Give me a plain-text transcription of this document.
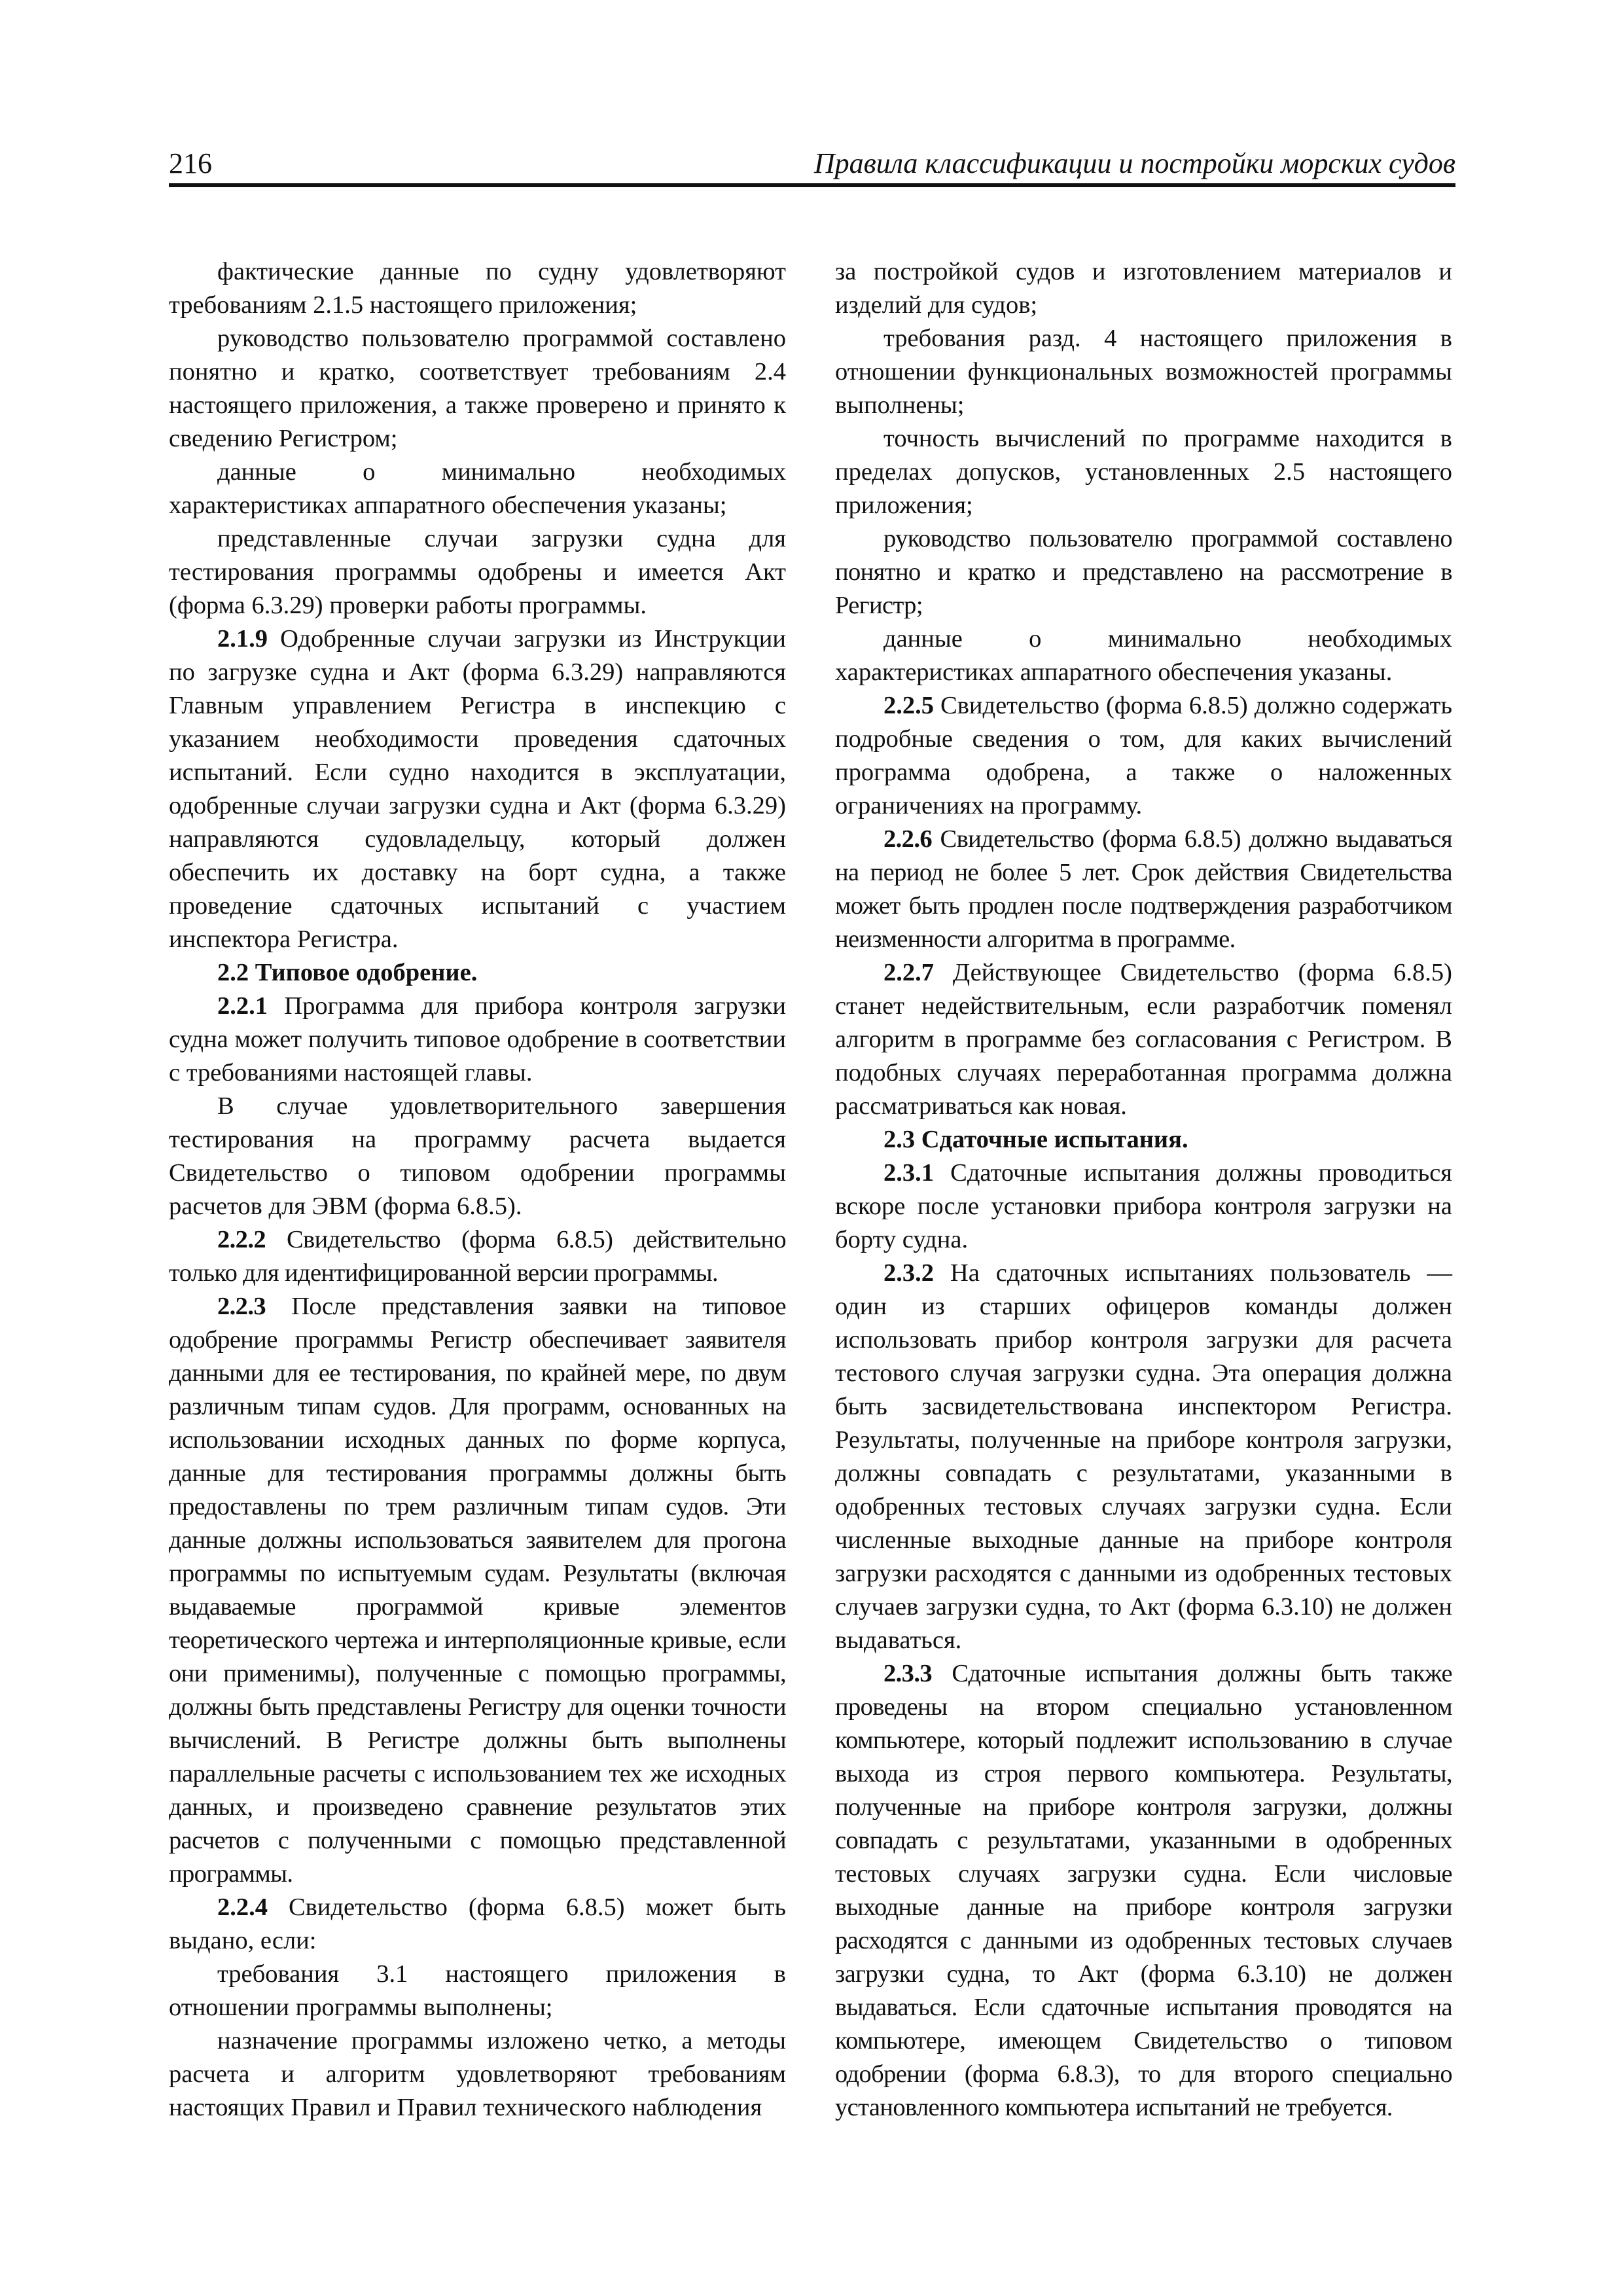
216	Правила классификации и постройки морских судов

фактические данные по судну удовлетворяют требованиям 2.1.5 настоящего приложения;

руководство пользователю программой составлено понятно и кратко, соответствует требованиям 2.4 настоящего приложения, а также проверено и принято к сведению Регистром;

данные о минимально необходимых характеристиках аппаратного обеспечения указаны;

представленные случаи загрузки судна для тестирования программы одобрены и имеется Акт (форма 6.3.29) проверки работы программы.

2.1.9 Одобренные случаи загрузки из Инструкции по загрузке судна и Акт (форма 6.3.29) направляются Главным управлением Регистра в инспекцию с указанием необходимости проведения сдаточных испытаний. Если судно находится в эксплуатации, одобренные случаи загрузки судна и Акт (форма 6.3.29) направляются судовладельцу, который должен обеспечить их доставку на борт судна, а также проведение сдаточных испытаний с участием инспектора Регистра.

2.2 Типовое одобрение.

2.2.1 Программа для прибора контроля загрузки судна может получить типовое одобрение в соответствии с требованиями настоящей главы.

В случае удовлетворительного завершения тестирования на программу расчета выдается Свидетельство о типовом одобрении программы расчетов для ЭВМ (форма 6.8.5).

2.2.2 Свидетельство (форма 6.8.5) действительно только для идентифицированной версии программы.

2.2.3 После представления заявки на типовое одобрение программы Регистр обеспечивает заявителя данными для ее тестирования, по крайней мере, по двум различным типам судов. Для программ, основанных на использовании исходных данных по форме корпуса, данные для тестирования программы должны быть предоставлены по трем различным типам судов. Эти данные должны использоваться заявителем для прогона программы по испытуемым судам. Результаты (включая выдаваемые программой кривые элементов теоретического чертежа и интерполяционные кривые, если они применимы), полученные с помощью программы, должны быть представлены Регистру для оценки точности вычислений. В Регистре должны быть выполнены параллельные расчеты с использованием тех же исходных данных, и произведено сравнение результатов этих расчетов с полученными с помощью представленной программы.

2.2.4 Свидетельство (форма 6.8.5) может быть выдано, если:

требования 3.1 настоящего приложения в отношении программы выполнены;

назначение программы изложено четко, а методы расчета и алгоритм удовлетворяют требованиям настоящих Правил и Правил технического наблюдения

за постройкой судов и изготовлением материалов и изделий для судов;

требования разд. 4 настоящего приложения в отношении функциональных возможностей программы выполнены;

точность вычислений по программе находится в пределах допусков, установленных 2.5 настоящего приложения;

руководство пользователю программой составлено понятно и кратко и представлено на рассмотрение в Регистр;

данные о минимально необходимых характеристиках аппаратного обеспечения указаны.

2.2.5 Свидетельство (форма 6.8.5) должно содержать подробные сведения о том, для каких вычислений программа одобрена, а также о наложенных ограничениях на программу.

2.2.6 Свидетельство (форма 6.8.5) должно выдаваться на период не более 5 лет. Срок действия Свидетельства может быть продлен после подтверждения разработчиком неизменности алгоритма в программе.

2.2.7 Действующее Свидетельство (форма 6.8.5) станет недействительным, если разработчик поменял алгоритм в программе без согласования с Регистром. В подобных случаях переработанная программа должна рассматриваться как новая.

2.3 Сдаточные испытания.

2.3.1 Сдаточные испытания должны проводиться вскоре после установки прибора контроля загрузки на борту судна.

2.3.2 На сдаточных испытаниях пользователь — один из старших офицеров команды должен использовать прибор контроля загрузки для расчета тестового случая загрузки судна. Эта операция должна быть засвидетельствована инспектором Регистра. Результаты, полученные на приборе контроля загрузки, должны совпадать с результатами, указанными в одобренных тестовых случаях загрузки судна. Если численные выходные данные на приборе контроля загрузки расходятся с данными из одобренных тестовых случаев загрузки судна, то Акт (форма 6.3.10) не должен выдаваться.

2.3.3 Сдаточные испытания должны быть также проведены на втором специально установленном компьютере, который подлежит использованию в случае выхода из строя первого компьютера. Результаты, полученные на приборе контроля загрузки, должны совпадать с результатами, указанными в одобренных тестовых случаях загрузки судна. Если числовые выходные данные на приборе контроля загрузки расходятся с данными из одобренных тестовых случаев загрузки судна, то Акт (форма 6.3.10) не должен выдаваться. Если сдаточные испытания проводятся на компьютере, имеющем Свидетельство о типовом одобрении (форма 6.8.3), то для второго специально установленного компьютера испытаний не требуется.
